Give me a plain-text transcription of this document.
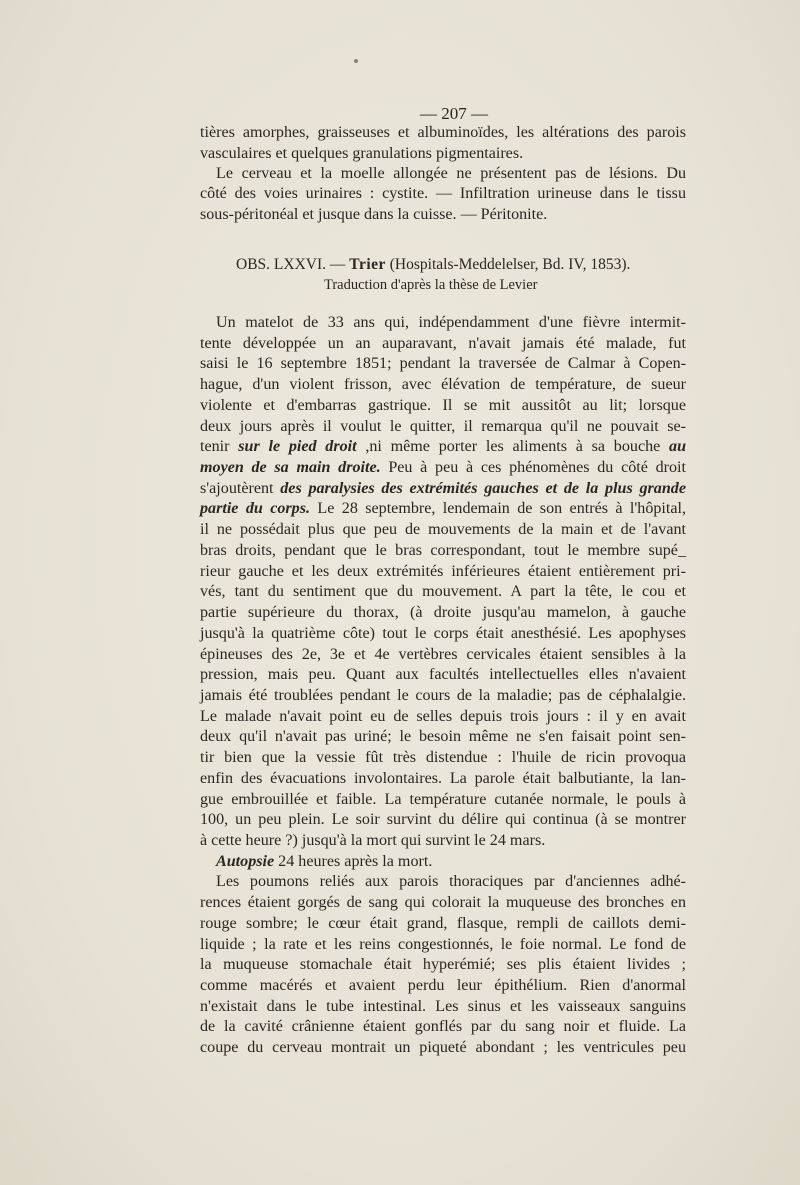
— 207 —
tières amorphes, graisseuses et albuminoïdes, les altérations des parois
vasculaires et quelques granulations pigmentaires.
Le cerveau et la moelle allongée ne présentent pas de lésions. Du
côté des voies urinaires : cystite. — Infiltration urineuse dans le tissu
sous-péritonéal et jusque dans la cuisse. — Péritonite.
OBS. LXXVI. — Trier (Hospitals-Meddelelser, Bd. IV, 1853).
Traduction d'après la thèse de Levier
Un matelot de 33 ans qui, indépendamment d'une fièvre intermit-
tente développée un an auparavant, n'avait jamais été malade, fut
saisi le 16 septembre 1851; pendant la traversée de Calmar à Copen-
hague, d'un violent frisson, avec élévation de température, de sueur
violente et d'embarras gastrique. Il se mit aussitôt au lit; lorsque
deux jours après il voulut le quitter, il remarqua qu'il ne pouvait se-
tenir sur le pied droit ,ni même porter les aliments à sa bouche au
moyen de sa main droite. Peu à peu à ces phénomènes du côté droit
s'ajoutèrent des paralysies des extrémités gauches et de la plus grande
partie du corps. Le 28 septembre, lendemain de son entrés à l'hôpital,
il ne possédait plus que peu de mouvements de la main et de l'avant
bras droits, pendant que le bras correspondant, tout le membre supé_
rieur gauche et les deux extrémités inférieures étaient entièrement pri-
vés, tant du sentiment que du mouvement. A part la tête, le cou et
partie supérieure du thorax, (à droite jusqu'au mamelon, à gauche
jusqu'à la quatrième côte) tout le corps était anesthésié. Les apophyses
épineuses des 2e, 3e et 4e vertèbres cervicales étaient sensibles à la
pression, mais peu. Quant aux facultés intellectuelles elles n'avaient
jamais été troublées pendant le cours de la maladie; pas de céphalalgie.
Le malade n'avait point eu de selles depuis trois jours : il y en avait
deux qu'il n'avait pas uriné; le besoin même ne s'en faisait point sen-
tir bien que la vessie fût très distendue : l'huile de ricin provoqua
enfin des évacuations involontaires. La parole était balbutiante, la lan-
gue embrouillée et faible. La température cutanée normale, le pouls à
100, un peu plein. Le soir survint du délire qui continua (à se montrer
à cette heure ?) jusqu'à la mort qui survint le 24 mars.
Autopsie 24 heures après la mort.
Les poumons reliés aux parois thoraciques par d'anciennes adhé-
rences étaient gorgés de sang qui colorait la muqueuse des bronches en
rouge sombre; le cœur était grand, flasque, rempli de caillots demi-
liquide ; la rate et les reins congestionnés, le foie normal. Le fond de
la muqueuse stomachale était hyperémié; ses plis étaient livides ;
comme macérés et avaient perdu leur épithélium. Rien d'anormal
n'existait dans le tube intestinal. Les sinus et les vaisseaux sanguins
de la cavité crânienne étaient gonflés par du sang noir et fluide. La
coupe du cerveau montrait un piqueté abondant ; les ventricules peu
